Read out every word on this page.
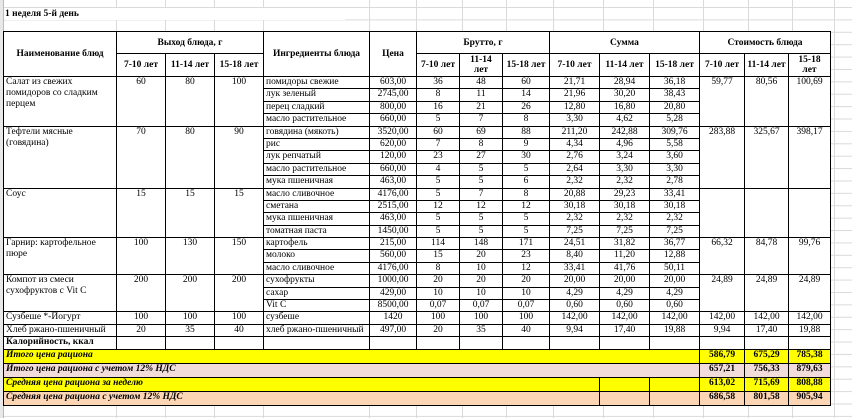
1 неделя 5-й день
Наименование блюд	Выход блюда, г			Ингредиенты блюда	Цена	Брутто, г			Сумма			Стоимость блюда		
	7-10 лет	11-14 лет	15-18 лет			7-10 лет	11-14 лет	15-18 лет	7-10 лет	11-14 лет	15-18 лет	7-10 лет	11-14 лет	15-18 лет
Салат из свежих помидоров со сладким перцем	60	80	100	помидоры свежие	603,00	36	48	60	21,71	28,94	36,18	59,77	80,56	100,69
				лук зеленый	2745,00	8	11	14	21,96	30,20	38,43			
				перец сладкий	800,00	16	21	26	12,80	16,80	20,80			
				масло растительное	660,00	5	7	8	3,30	4,62	5,28			
Тефтели мясные (говядина)	70	80	90	говядина (мякоть)	3520,00	60	69	88	211,20	242,88	309,76	283,88	325,67	398,17
				рис	620,00	7	8	9	4,34	4,96	5,58			
				лук репчатый	120,00	23	27	30	2,76	3,24	3,60			
				масло растительное	660,00	4	5	5	2,64	3,30	3,30			
				мука пшеничная	463,00	5	5	6	2,32	2,32	2,78			
Соус	15	15	15	масло сливочное	4176,00	5	7	8	20,88	29,23	33,41			
				сметана	2515,00	12	12	12	30,18	30,18	30,18			
				мука пшеничная	463,00	5	5	5	2,32	2,32	2,32			
				томатная паста	1450,00	5	5	5	7,25	7,25	7,25			
Гарнир: картофельное пюре	100	130	150	картофель	215,00	114	148	171	24,51	31,82	36,77	66,32	84,78	99,76
				молоко	560,00	15	20	23	8,40	11,20	12,88			
				масло сливочное	4176,00	8	10	12	33,41	41,76	50,11			
Компот из смеси сухофруктов с Vit C	200	200	200	сухофрукты	1000,00	20	20	20	20,00	20,00	20,00	24,89	24,89	24,89
				сахар	429,00	10	10	10	4,29	4,29	4,29			
				Vit C	8500,00	0,07	0,07	0,07	0,60	0,60	0,60			
Сузбеше *-Йогурт	100	100	100	сузбеше	1420	100	100	100	142,00	142,00	142,00	142,00	142,00	142,00
Хлеб ржано-пшеничный	20	35	40	хлеб ржано-пшеничный	497,00	20	35	40	9,94	17,40	19,88	9,94	17,40	19,88
Калорийность, ккал														
Итого цена рациона												586,79	675,29	785,38
Итого цена рациона с учетом 12% НДС												657,21	756,33	879,63
Средняя цена рациона за неделю												613,02	715,69	808,88
Средняя цена рациона с учетом 12% НДС												686,58	801,58	905,94
